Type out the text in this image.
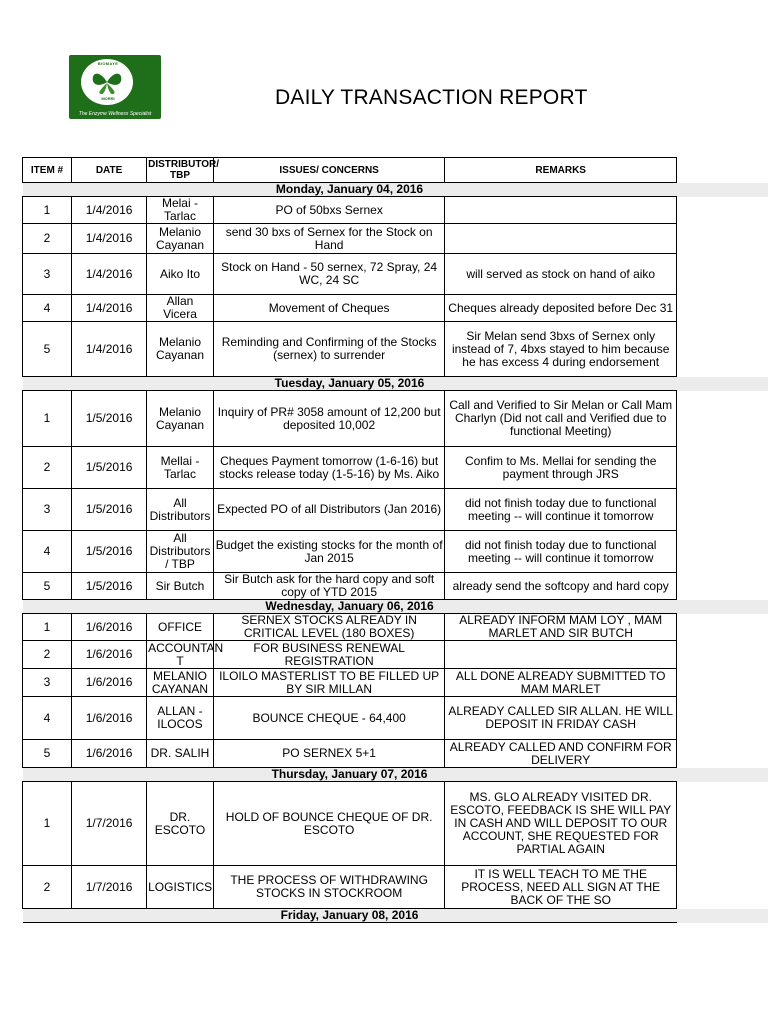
BIOMAYE
MORRI
The Enzyme Wellness Specialist
DAILY TRANSACTION REPORT
ITEM #	DATE	DISTRIBUTOR/ TBP	ISSUES/ CONCERNS	REMARKS
Monday, January 04, 2016				
1	1/4/2016	Melai - Tarlac	PO of 50bxs Sernex	
2	1/4/2016	Melanio Cayanan	send 30 bxs of Sernex for the Stock on Hand	
3	1/4/2016	Aiko Ito	Stock on Hand - 50 sernex, 72 Spray, 24 WC, 24 SC	will served as stock on hand of aiko
4	1/4/2016	Allan Vicera	Movement of Cheques	Cheques already deposited before Dec 31
5	1/4/2016	Melanio Cayanan	Reminding and Confirming of the Stocks (sernex) to surrender	Sir Melan send 3bxs of Sernex only instead of 7, 4bxs stayed to him because he has excess 4 during endorsement
Tuesday, January 05, 2016				
1	1/5/2016	Melanio Cayanan	Inquiry of PR# 3058 amount of 12,200 but deposited 10,002	Call and Verified to Sir Melan or Call Mam Charlyn (Did not call and Verified due to functional Meeting)
2	1/5/2016	Mellai - Tarlac	Cheques Payment tomorrow (1-6-16) but stocks release today (1-5-16) by Ms. Aiko	Confim to Ms. Mellai for sending the payment through JRS
3	1/5/2016	All Distributors	Expected PO of all Distributors (Jan 2016)	did not finish today due to functional meeting -- will continue it tomorrow
4	1/5/2016	All Distributors / TBP	Budget the existing stocks for the month of Jan 2015	did not finish today due to functional meeting -- will continue it tomorrow
5	1/5/2016	Sir Butch	Sir Butch ask for the hard copy and soft copy of YTD 2015	already send the softcopy and hard copy
Wednesday, January 06, 2016				
1	1/6/2016	OFFICE	SERNEX STOCKS ALREADY IN CRITICAL LEVEL (180 BOXES)	ALREADY INFORM MAM LOY , MAM MARLET AND SIR BUTCH
2	1/6/2016	ACCOUNTAN T	FOR BUSINESS RENEWAL REGISTRATION	
3	1/6/2016	MELANIO CAYANAN	ILOILO MASTERLIST TO BE FILLED UP BY SIR MILLAN	ALL DONE ALREADY SUBMITTED TO MAM MARLET
4	1/6/2016	ALLAN - ILOCOS	BOUNCE CHEQUE - 64,400	ALREADY CALLED SIR ALLAN. HE WILL DEPOSIT IN FRIDAY CASH
5	1/6/2016	DR. SALIH	PO SERNEX 5+1	ALREADY CALLED AND CONFIRM FOR DELIVERY
Thursday, January 07, 2016				
1	1/7/2016	DR. ESCOTO	HOLD OF BOUNCE CHEQUE OF DR. ESCOTO	MS. GLO ALREADY VISITED DR. ESCOTO, FEEDBACK IS SHE WILL PAY IN CASH AND WILL DEPOSIT TO OUR ACCOUNT, SHE REQUESTED FOR PARTIAL AGAIN
2	1/7/2016	LOGISTICS	THE PROCESS OF WITHDRAWING STOCKS IN STOCKROOM	IT IS WELL TEACH TO ME THE PROCESS, NEED ALL SIGN AT THE BACK OF THE SO
Friday, January 08, 2016				
